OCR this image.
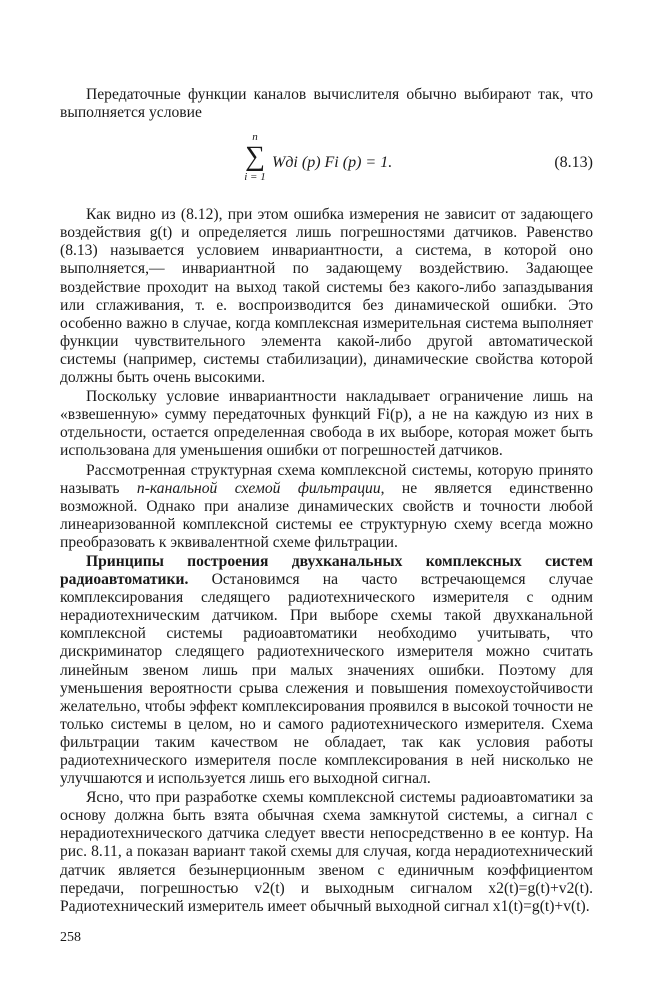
Передаточные функции каналов вычислителя обычно выбирают так, что выполняется условие

n
∑
i = 1
Wдi (p) Fi (p) = 1.	(8.13)

Как видно из (8.12), при этом ошибка измерения не зависит от задающего воздействия g(t) и определяется лишь погрешностями датчиков. Равенство (8.13) называется условием инвариантности, а система, в которой оно выполняется,— инвариантной по задающему воздействию. Задающее воздействие проходит на выход такой системы без какого-либо запаздывания или сглаживания, т. е. воспроизводится без динамической ошибки. Это особенно важно в случае, когда комплексная измерительная система выполняет функции чувствительного элемента какой-либо другой автоматической системы (например, системы стабилизации), динамические свойства которой должны быть очень высокими.

Поскольку условие инвариантности накладывает ограничение лишь на «взвешенную» сумму передаточных функций Fi(p), а не на каждую из них в отдельности, остается определенная свобода в их выборе, которая может быть использована для уменьшения ошибки от погрешностей датчиков.

Рассмотренная структурная схема комплексной системы, которую принято называть n-канальной схемой фильтрации, не является единственно возможной. Однако при анализе динамических свойств и точности любой линеаризованной комплексной системы ее структурную схему всегда можно преобразовать к эквивалентной схеме фильтрации.

Принципы построения двухканальных комплексных систем радиоавтоматики. Остановимся на часто встречающемся случае комплексирования следящего радиотехнического измерителя с одним нерадиотехническим датчиком. При выборе схемы такой двухканальной комплексной системы радиоавтоматики необходимо учитывать, что дискриминатор следящего радиотехнического измерителя можно считать линейным звеном лишь при малых значениях ошибки. Поэтому для уменьшения вероятности срыва слежения и повышения помехоустойчивости желательно, чтобы эффект комплексирования проявился в высокой точности не только системы в целом, но и самого радиотехнического измерителя. Схема фильтрации таким качеством не обладает, так как условия работы радиотехнического измерителя после комплексирования в ней нисколько не улучшаются и используется лишь его выходной сигнал.

Ясно, что при разработке схемы комплексной системы радиоавтоматики за основу должна быть взята обычная схема замкнутой системы, а сигнал с нерадиотехнического датчика следует ввести непосредственно в ее контур. На рис. 8.11, а показан вариант такой схемы для случая, когда нерадиотехнический датчик является безынерционным звеном с единичным коэффициентом передачи, погрешностью v2(t) и выходным сигналом x2(t)=g(t)+v2(t). Радиотехнический измеритель имеет обычный выходной сигнал x1(t)=g(t)+v(t).

258
